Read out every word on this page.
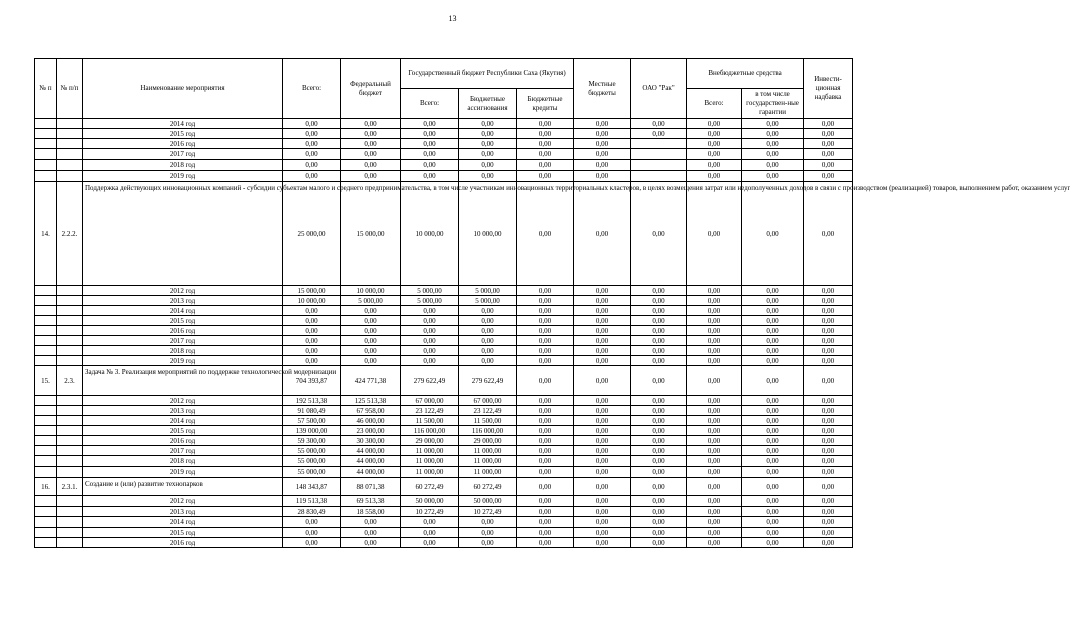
13
№ п	№ п/п	Наименование мероприятия	Всего:	Федеральный бюджет	Государственный бюджет Республики Саха (Якутия)			Местные бюджеты	ОАО "Рак"	Внебюджетные средства		Инвести-ционная надбавка
					Всего:	Бюджетные ассигнования	Бюджетные кредиты			Всего:	в том числе государствен-ные гарантии	
		2014 год	0,00	0,00	0,00	0,00	0,00	0,00	0,00	0,00	0,00	0,00
		2015 год	0,00	0,00	0,00	0,00	0,00	0,00	0,00	0,00	0,00	0,00
		2016 год	0,00	0,00	0,00	0,00	0,00	0,00		0,00	0,00	0,00
		2017 год	0,00	0,00	0,00	0,00	0,00	0,00		0,00	0,00	0,00
		2018 год	0,00	0,00	0,00	0,00	0,00	0,00		0,00	0,00	0,00
		2019 год	0,00	0,00	0,00	0,00	0,00	0,00		0,00	0,00	0,00
14.	2.2.2.	Поддержка действующих инновационных компаний - субсидии субъектам малого и среднего предпринимательства, в том числе участникам инновационных территориальных кластеров, в целях возмещения затрат или недополученных доходов в связи с производством (реализацией) товаров, выполнением работ, оказанием услуг	25 000,00	15 000,00	10 000,00	10 000,00	0,00	0,00	0,00	0,00	0,00	0,00
		2012 год	15 000,00	10 000,00	5 000,00	5 000,00	0,00	0,00	0,00	0,00	0,00	0,00
		2013 год	10 000,00	5 000,00	5 000,00	5 000,00	0,00	0,00	0,00	0,00	0,00	0,00
		2014 год	0,00	0,00	0,00	0,00	0,00	0,00	0,00	0,00	0,00	0,00
		2015 год	0,00	0,00	0,00	0,00	0,00	0,00	0,00	0,00	0,00	0,00
		2016 год	0,00	0,00	0,00	0,00	0,00	0,00	0,00	0,00	0,00	0,00
		2017 год	0,00	0,00	0,00	0,00	0,00	0,00	0,00	0,00	0,00	0,00
		2018 год	0,00	0,00	0,00	0,00	0,00	0,00	0,00	0,00	0,00	0,00
		2019 год	0,00	0,00	0,00	0,00	0,00	0,00	0,00	0,00	0,00	0,00
15.	2.3.	Задача № 3. Реализация мероприятий по поддержке технологической модернизации	704 393,87	424 771,38	279 622,49	279 622,49	0,00	0,00	0,00	0,00	0,00	0,00
		2012 год	192 513,38	125 513,38	67 000,00	67 000,00	0,00	0,00	0,00	0,00	0,00	0,00
		2013 год	91 080,49	67 958,00	23 122,49	23 122,49	0,00	0,00	0,00	0,00	0,00	0,00
		2014 год	57 500,00	46 000,00	11 500,00	11 500,00	0,00	0,00	0,00	0,00	0,00	0,00
		2015 год	139 000,00	23 000,00	116 000,00	116 000,00	0,00	0,00	0,00	0,00	0,00	0,00
		2016 год	59 300,00	30 300,00	29 000,00	29 000,00	0,00	0,00	0,00	0,00	0,00	0,00
		2017 год	55 000,00	44 000,00	11 000,00	11 000,00	0,00	0,00	0,00	0,00	0,00	0,00
		2018 год	55 000,00	44 000,00	11 000,00	11 000,00	0,00	0,00	0,00	0,00	0,00	0,00
		2019 год	55 000,00	44 000,00	11 000,00	11 000,00	0,00	0,00	0,00	0,00	0,00	0,00
16.	2.3.1.	Создание и (или) развитие технопарков	148 343,87	88 071,38	60 272,49	60 272,49	0,00	0,00	0,00	0,00	0,00	0,00
		2012 год	119 513,38	69 513,38	50 000,00	50 000,00	0,00	0,00	0,00	0,00	0,00	0,00
		2013 год	28 830,49	18 558,00	10 272,49	10 272,49	0,00	0,00	0,00	0,00	0,00	0,00
		2014 год	0,00	0,00	0,00	0,00	0,00	0,00	0,00	0,00	0,00	0,00
		2015 год	0,00	0,00	0,00	0,00	0,00	0,00	0,00	0,00	0,00	0,00
		2016 год	0,00	0,00	0,00	0,00	0,00	0,00	0,00	0,00	0,00	0,00
